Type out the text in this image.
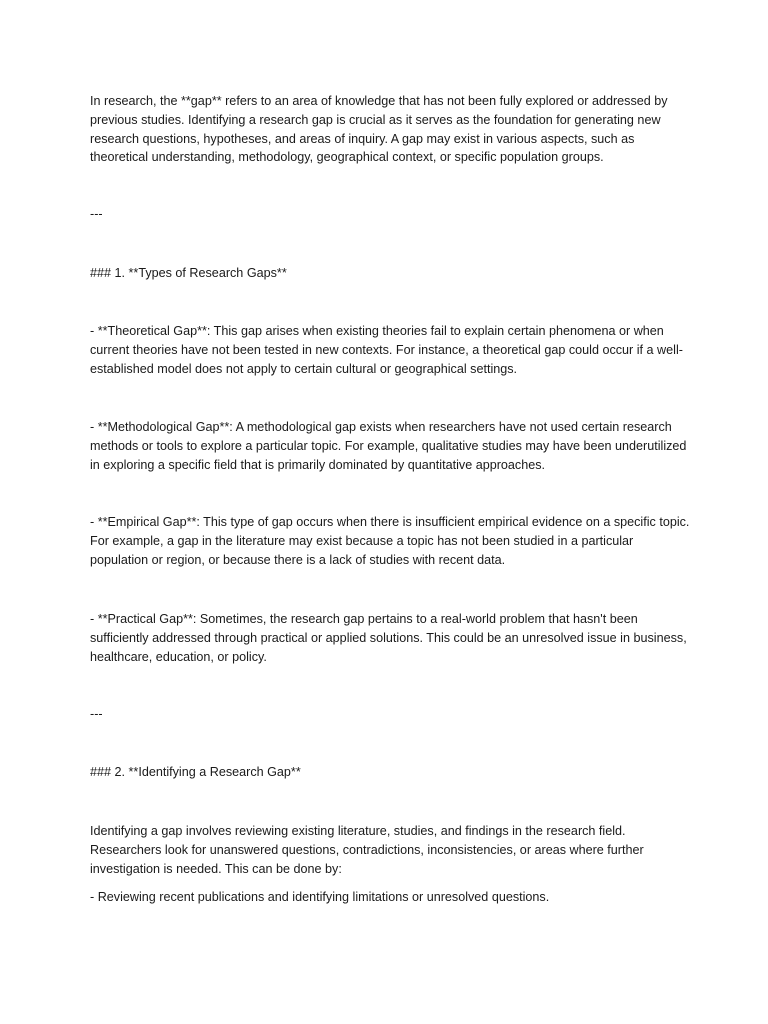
In research, the **gap** refers to an area of knowledge that has not been fully explored or addressed by previous studies. Identifying a research gap is crucial as it serves as the foundation for generating new research questions, hypotheses, and areas of inquiry. A gap may exist in various aspects, such as theoretical understanding, methodology, geographical context, or specific population groups.

---

### 1. **Types of Research Gaps**

- **Theoretical Gap**: This gap arises when existing theories fail to explain certain phenomena or when current theories have not been tested in new contexts. For instance, a theoretical gap could occur if a well-established model does not apply to certain cultural or geographical settings.

- **Methodological Gap**: A methodological gap exists when researchers have not used certain research methods or tools to explore a particular topic. For example, qualitative studies may have been underutilized in exploring a specific field that is primarily dominated by quantitative approaches.

- **Empirical Gap**: This type of gap occurs when there is insufficient empirical evidence on a specific topic. For example, a gap in the literature may exist because a topic has not been studied in a particular population or region, or because there is a lack of studies with recent data.

- **Practical Gap**: Sometimes, the research gap pertains to a real-world problem that hasn't been sufficiently addressed through practical or applied solutions. This could be an unresolved issue in business, healthcare, education, or policy.

---

### 2. **Identifying a Research Gap**

Identifying a gap involves reviewing existing literature, studies, and findings in the research field. Researchers look for unanswered questions, contradictions, inconsistencies, or areas where further investigation is needed. This can be done by:

- Reviewing recent publications and identifying limitations or unresolved questions.
